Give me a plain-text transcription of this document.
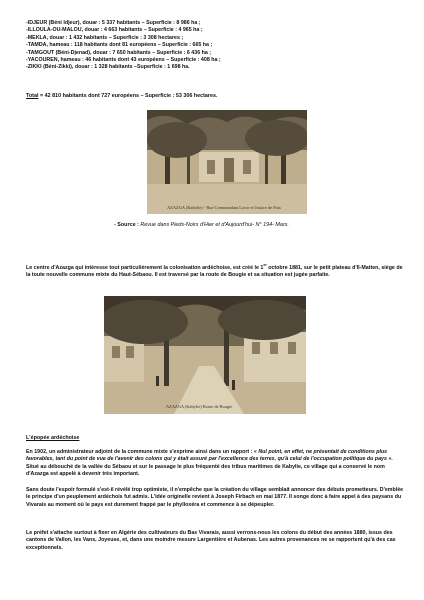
-IDJEUR (Béni Idjeur), douar : 5 337 habitants – Superficie : 8 986 ha ;
-ILLOULA-OU-MALOU, douar : 4 663 habitants – Superficie : 4 965 ha ;
-MEKLA, douar : 1 432 habitants – Superficie : 3 308 hectares ;
-TAMDA, hameau : 118 habitants dont 81 européens – Superficie : 665 ha ;
-TAMGOUT (Béni-Djenad), douar : 7 650 habitants – Superficie : 6 436 ha ;
-YACOUREN, hameau : 46 habitants dont 43 européens – Superficie : 408 ha ;
-ZIKKI (Béni-Zikki), douar : 1 328 habitants –Superficie : 1 698 ha.
Total = 42 810 habitants dont 727 européens – Superficie : 53 306 hectares.
AZAZGA (Kabylie) - Rue Commandant Lacor et Justice de Paix
- Source : Revue dans Pieds-Noirs d'Hier et d'Aujourd'hui- N° 194- Mars.
Le centre d'Azazga qui intéresse tout particulièrement la colonisation ardéchoise, est créé le 1er octobre 1881, sur le petit plateau d'Il-Matten, siège de la toute nouvelle commune mixte du Haut-Sébaou. Il est traversé par la route de Bougie et sa situation est jugée parfaite.
AZAZGA (Kabylie) Route de Bougie
L'épopée ardéchoise
En 1902, un administrateur adjoint de la commune mixte s'exprime ainsi dans un rapport : « Nul point, en effet, ne présentait de conditions plus favorables, tant du point de vue de l'avenir des colons qui y était assuré par l'excellence des terres, qu'à celui de l'occupation politique du pays ». Situé au débouché de la vallée du Sébaou et sur le passage le plus fréquenté des tribus maritimes de Kabylie, ce village qui a conservé le nom d'Azazga est appelé à devenir très important.
Sans doute l'espoir formulé s'est-il révélé trop optimiste, il n'empêche que la création du village semblait annoncer des débuts prometteurs. D'emblée le principe d'un peuplement ardéchois fut admis. L'idée originelle revient à Joseph Firbach en mai 1877. Il songe donc à faire appel à des paysans du Vivarais au moment où le pays est durement frappé par le phylloxéra et commence à se dépeupler.
Le préfet s'attache surtout à fixer en Algérie des cultivateurs du Bas Vivarais, aussi verrons-nous les colons du début des années 1880, issus des cantons de Vallon, les Vans, Joyeuse, et, dans une moindre mesure Largentière et Aubenas. Les autres provenances ne se rapportent qu'à des cas exceptionnels.
